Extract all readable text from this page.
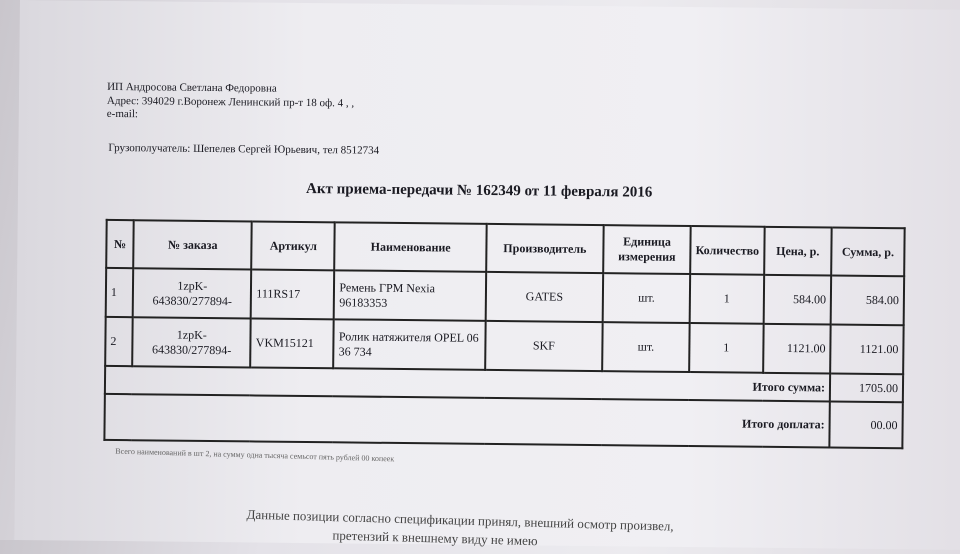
ИП Андросова Светлана Федоровна
Адрес: 394029 г.Воронеж Ленинский пр-т 18 оф. 4 , ,
e-mail:
Грузополучатель: Шепелев Сергей Юрьевич, тел 8512734
Акт приема-передачи № 162349 от 11 февраля 2016
№	№ заказа	Артикул	Наименование	Производитель	Единица измерения	Количество	Цена, р.	Сумма, р.
1	1zpK-643830/277894-	111RS17	Ремень ГРМ Nexia 96183353	GATES	шт.	1	584.00	584.00
2	1zpK-643830/277894-	VKM15121	Ролик натяжителя OPEL 06 36 734	SKF	шт.	1	1121.00	1121.00
Итого сумма:								1705.00
Итого доплата:								00.00
Всего наименований в шт 2, на сумму одна тысяча семьсот пять рублей 00 копеек
Данные позиции согласно спецификации принял, внешний осмотр произвел,
претензий к внешнему виду не имею
